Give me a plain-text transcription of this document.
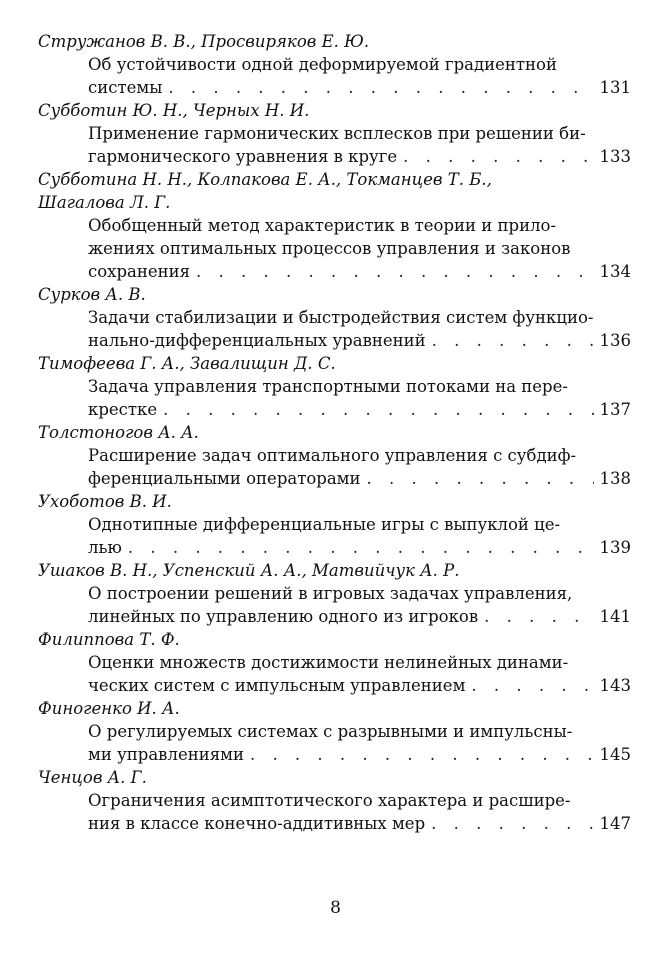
Стружанов В. В., Просвиряков Е. Ю.
Об устойчивости одной деформируемой градиентной
системы . . .	131
Субботин Ю. Н., Черных Н. И.
Применение гармонических всплесков при решении би-
гармонического уравнения в круге . . .	133
Субботина Н. Н., Колпакова Е. А., Токманцев Т. Б.,
Шагалова Л. Г.
Обобщенный метод характеристик в теории и прило-
жениях оптимальных процессов управления и законов
сохранения . . .	134
Сурков А. В.
Задачи стабилизации и быстродействия систем функцио-
нально-дифференциальных уравнений . . .	136
Тимофеева Г. А., Завалищин Д. С.
Задача управления транспортными потоками на пере-
крестке . . .	137
Толстоногов А. А.
Расширение задач оптимального управления с субдиф-
ференциальными операторами . . .	138
Ухоботов В. И.
Однотипные дифференциальные игры с выпуклой це-
лью . . .	139
Ушаков В. Н., Успенский А. А., Матвийчук А. Р.
О построении решений в игровых задачах управления,
линейных по управлению одного из игроков . . .	141
Филиппова Т. Ф.
Оценки множеств достижимости нелинейных динами-
ческих систем с импульсным управлением . . .	143
Финогенко И. А.
О регулируемых системах с разрывными и импульсны-
ми управлениями . . .	145
Ченцов А. Г.
Ограничения асимптотического характера и расшире-
ния в классе конечно-аддитивных мер . . .	147
8
